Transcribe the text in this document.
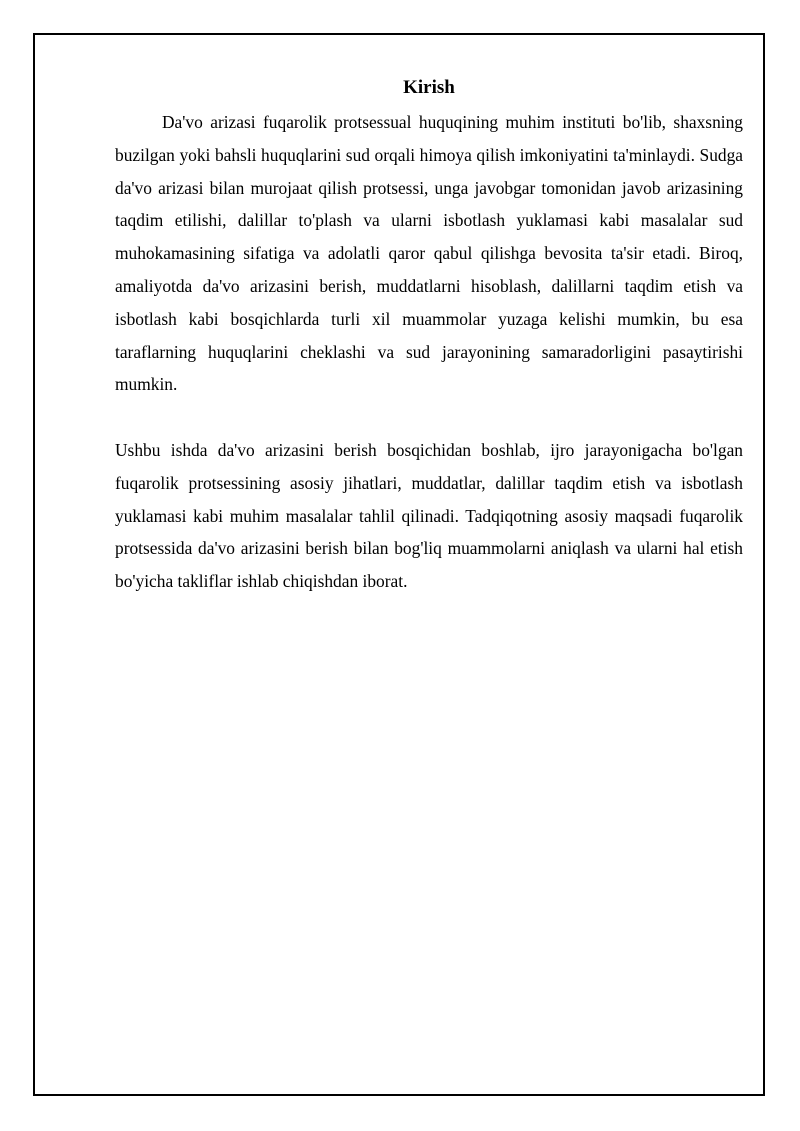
Kirish

Da'vo arizasi fuqarolik protsessual huquqining muhim instituti bo'lib, shaxsning buzilgan yoki bahsli huquqlarini sud orqali himoya qilish imkoniyatini ta'minlaydi. Sudga da'vo arizasi bilan murojaat qilish protsessi, unga javobgar tomonidan javob arizasining taqdim etilishi, dalillar to'plash va ularni isbotlash yuklamasi kabi masalalar sud muhokamasining sifatiga va adolatli qaror qabul qilishga bevosita ta'sir etadi. Biroq, amaliyotda da'vo arizasini berish, muddatlarni hisoblash, dalillarni taqdim etish va isbotlash kabi bosqichlarda turli xil muammolar yuzaga kelishi mumkin, bu esa taraflarning huquqlarini cheklashi va sud jarayonining samaradorligini pasaytirishi mumkin.

Ushbu ishda da'vo arizasini berish bosqichidan boshlab, ijro jarayonigacha bo'lgan fuqarolik protsessining asosiy jihatlari, muddatlar, dalillar taqdim etish va isbotlash yuklamasi kabi muhim masalalar tahlil qilinadi. Tadqiqotning asosiy maqsadi fuqarolik protsessida da'vo arizasini berish bilan bog'liq muammolarni aniqlash va ularni hal etish bo'yicha takliflar ishlab chiqishdan iborat.
